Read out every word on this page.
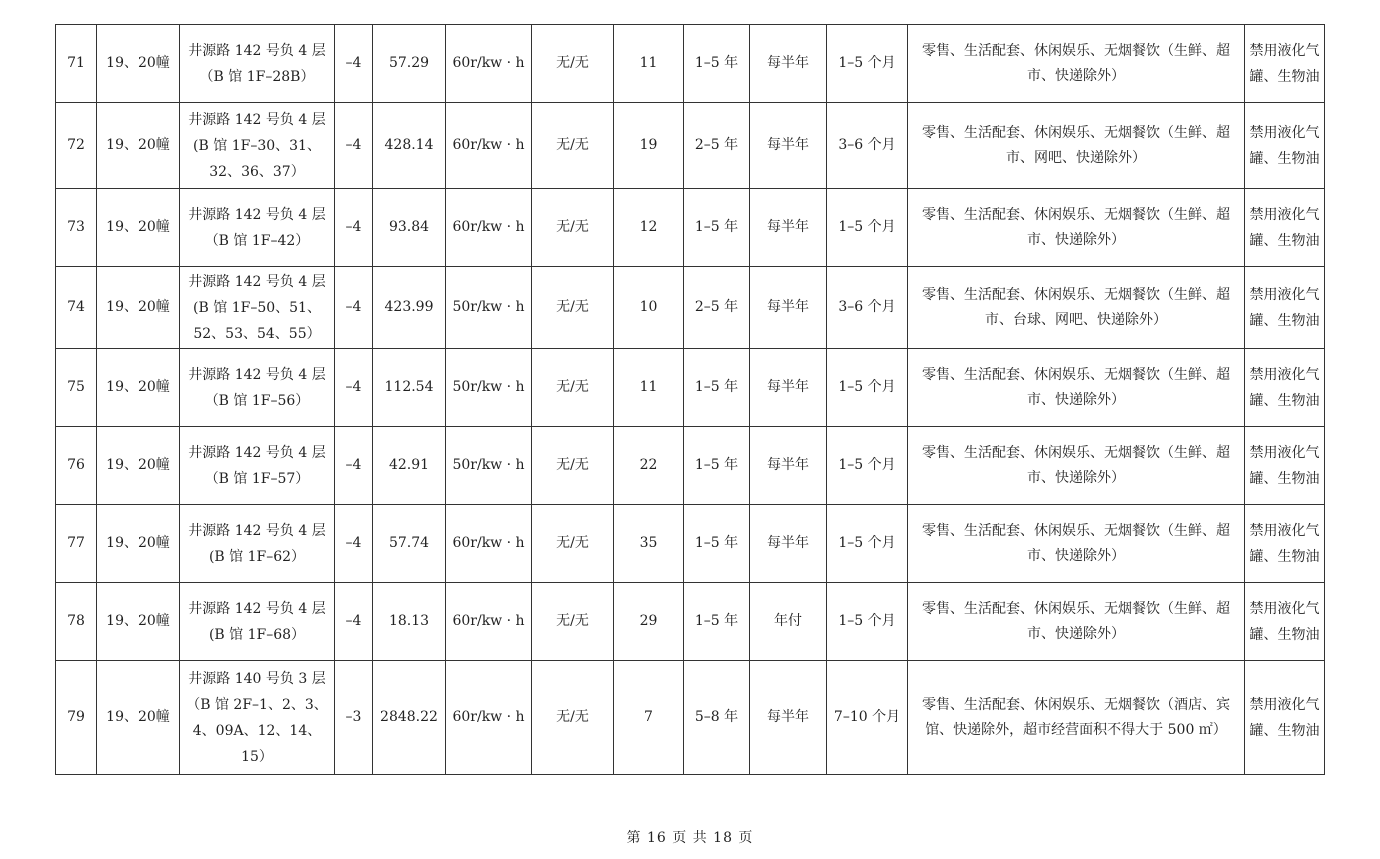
71	19、20幢	井源路 142 号负 4 层（B 馆 1F–28B）	–4	57.29	60r/kw · h	无/无	11	1–5 年	每半年	1–5 个月	零售、生活配套、休闲娱乐、无烟餐饮（生鲜、超市、快递除外）	禁用液化气罐、生物油
72	19、20幢	井源路 142 号负 4 层(B 馆 1F–30、31、32、36、37）	–4	428.14	60r/kw · h	无/无	19	2–5 年	每半年	3–6 个月	零售、生活配套、休闲娱乐、无烟餐饮（生鲜、超市、网吧、快递除外）	禁用液化气罐、生物油
73	19、20幢	井源路 142 号负 4 层（B 馆 1F–42）	–4	93.84	60r/kw · h	无/无	12	1–5 年	每半年	1–5 个月	零售、生活配套、休闲娱乐、无烟餐饮（生鲜、超市、快递除外）	禁用液化气罐、生物油
74	19、20幢	井源路 142 号负 4 层(B 馆 1F–50、51、52、53、54、55）	–4	423.99	50r/kw · h	无/无	10	2–5 年	每半年	3–6 个月	零售、生活配套、休闲娱乐、无烟餐饮（生鲜、超市、台球、网吧、快递除外）	禁用液化气罐、生物油
75	19、20幢	井源路 142 号负 4 层（B 馆 1F–56）	–4	112.54	50r/kw · h	无/无	11	1–5 年	每半年	1–5 个月	零售、生活配套、休闲娱乐、无烟餐饮（生鲜、超市、快递除外）	禁用液化气罐、生物油
76	19、20幢	井源路 142 号负 4 层（B 馆 1F–57）	–4	42.91	50r/kw · h	无/无	22	1–5 年	每半年	1–5 个月	零售、生活配套、休闲娱乐、无烟餐饮（生鲜、超市、快递除外）	禁用液化气罐、生物油
77	19、20幢	井源路 142 号负 4 层(B 馆 1F–62）	–4	57.74	60r/kw · h	无/无	35	1–5 年	每半年	1–5 个月	零售、生活配套、休闲娱乐、无烟餐饮（生鲜、超市、快递除外）	禁用液化气罐、生物油
78	19、20幢	井源路 142 号负 4 层(B 馆 1F–68）	–4	18.13	60r/kw · h	无/无	29	1–5 年	年付	1–5 个月	零售、生活配套、休闲娱乐、无烟餐饮（生鲜、超市、快递除外）	禁用液化气罐、生物油
79	19、20幢	井源路 140 号负 3 层（B 馆 2F–1、2、3、4、09A、12、14、15）	–3	2848.22	60r/kw · h	无/无	7	5–8 年	每半年	7–10 个月	零售、生活配套、休闲娱乐、无烟餐饮（酒店、宾馆、快递除外，超市经营面积不得大于 500 ㎡）	禁用液化气罐、生物油
第 16 页 共 18 页
